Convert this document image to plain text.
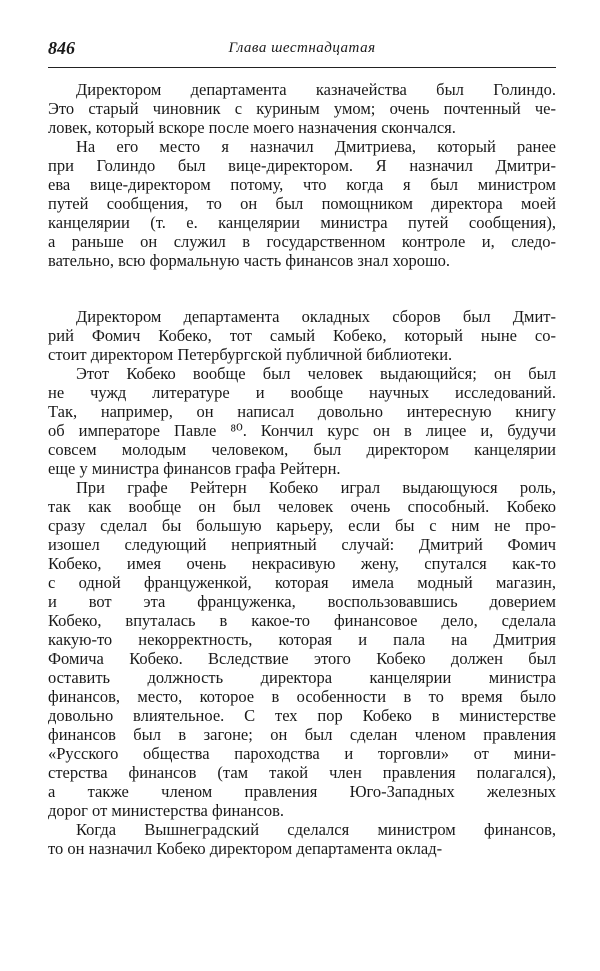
846	Глава шестнадцатая
Директором департамента казначейства был Голиндо.
Это старый чиновник с куриным умом; очень почтенный че-
ловек, который вскоре после моего назначения скончался.
На его место я назначил Дмитриева, который ранее
при Голиндо был вице-директором. Я назначил Дмитри-
ева вице-директором потому, что когда я был министром
путей сообщения, то он был помощником директора моей
канцелярии (т. е. канцелярии министра путей сообщения),
а раньше он служил в государственном контроле и, следо-
вательно, всю формальную часть финансов знал хорошо.
Директором департамента окладных сборов был Дмит-
рий Фомич Кобеко, тот самый Кобеко, который ныне со-
стоит директором Петербургской публичной библиотеки.
Этот Кобеко вообще был человек выдающийся; он был
не чужд литературе и вообще научных исследований.
Так, например, он написал довольно интересную книгу
об императоре Павле ⁸⁰. Кончил курс он в лицее и, будучи
совсем молодым человеком, был директором канцелярии
еще у министра финансов графа Рейтерн.
При графе Рейтерн Кобеко играл выдающуюся роль,
так как вообще он был человек очень способный. Кобеко
сразу сделал бы большую карьеру, если бы с ним не про-
изошел следующий неприятный случай: Дмитрий Фомич
Кобеко, имея очень некрасивую жену, спутался как-то
с одной француженкой, которая имела модный магазин,
и вот эта француженка, воспользовавшись доверием
Кобеко, впуталась в какое-то финансовое дело, сделала
какую-то некорректность, которая и пала на Дмитрия
Фомича Кобеко. Вследствие этого Кобеко должен был
оставить должность директора канцелярии министра
финансов, место, которое в особенности в то время было
довольно влиятельное. С тех пор Кобеко в министерстве
финансов был в загоне; он был сделан членом правления
«Русского общества пароходства и торговли» от мини-
стерства финансов (там такой член правления полагался),
а также членом правления Юго-Западных железных
дорог от министерства финансов.
Когда Вышнеградский сделался министром финансов,
то он назначил Кобеко директором департамента оклад-
